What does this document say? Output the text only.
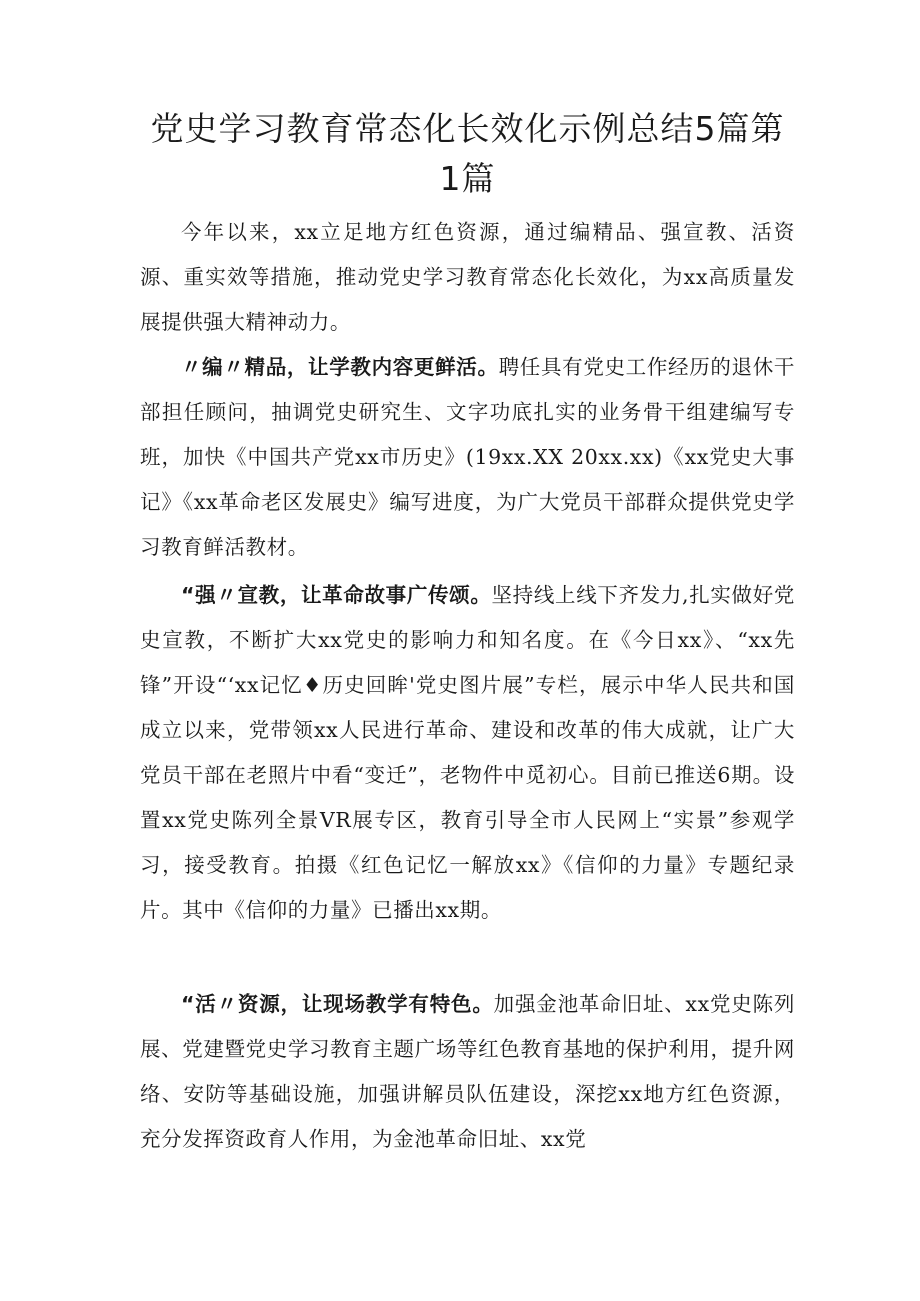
党史学习教育常态化长效化示例总结5篇第1篇

今年以来，xx立足地方红色资源，通过编精品、强宣教、活资源、重实效等措施，推动党史学习教育常态化长效化，为xx高质量发展提供强大精神动力。

〃编〃精品，让学教内容更鲜活。聘任具有党史工作经历的退休干部担任顾问，抽调党史研究生、文字功底扎实的业务骨干组建编写专班，加快《中国共产党xx市历史》(19xx.XX 20xx.xx)《xx党史大事记》《xx革命老区发展史》编写进度，为广大党员干部群众提供党史学习教育鲜活教材。

“强〃宣教，让革命故事广传颂。坚持线上线下齐发力,扎实做好党史宣教，不断扩大xx党史的影响力和知名度。在《今日xx》、“xx先锋”开设“‘xx记忆♦历史回眸'党史图片展”专栏，展示中华人民共和国成立以来，党带领xx人民进行革命、建设和改革的伟大成就，让广大党员干部在老照片中看“变迁”，老物件中觅初心。目前已推送6期。设置xx党史陈列全景VR展专区，教育引导全市人民网上“实景”参观学习，接受教育。拍摄《红色记忆一解放xx》《信仰的力量》专题纪录片。其中《信仰的力量》已播出xx期。

“活〃资源，让现场教学有特色。加强金池革命旧址、xx党史陈列展、党建暨党史学习教育主题广场等红色教育基地的保护利用，提升网络、安防等基础设施，加强讲解员队伍建设，深挖xx地方红色资源，充分发挥资政育人作用，为金池革命旧址、xx党
